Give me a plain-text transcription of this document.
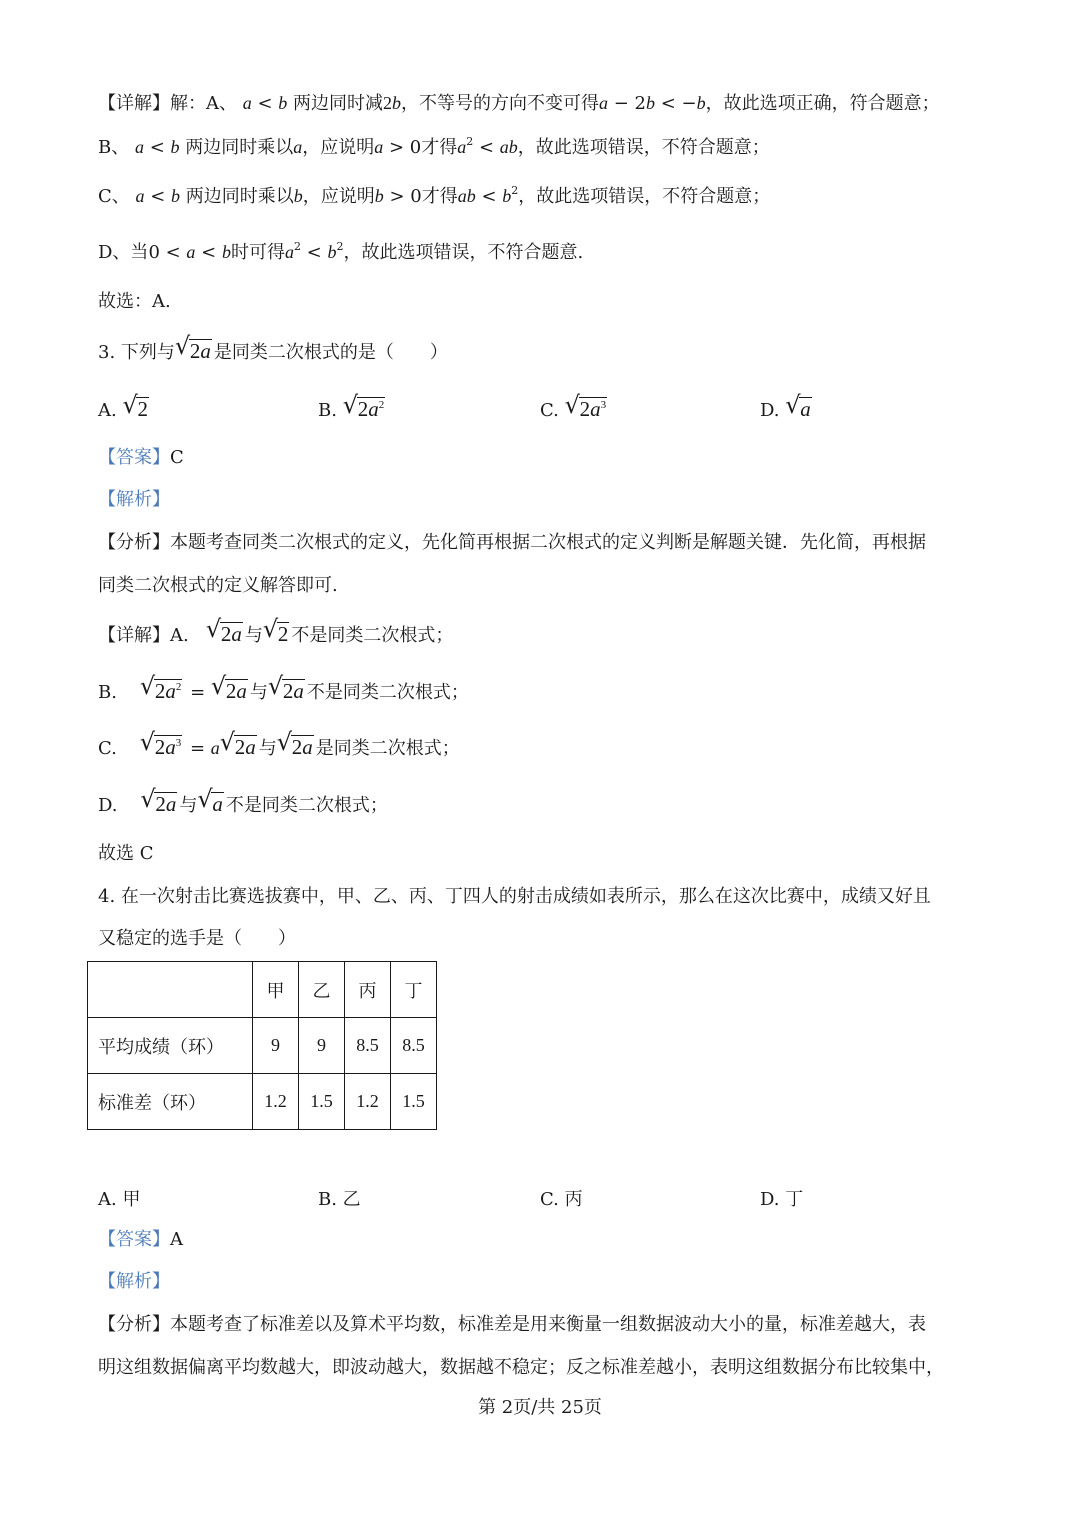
【详解】解：A、 a < b 两边同时减2b，不等号的方向不变可得a − 2b < −b，故此选项正确，符合题意；
B、 a < b 两边同时乘以a，应说明a > 0才得$a^2$ < ab，故此选项错误，不符合题意；
C、 a < b 两边同时乘以b，应说明b > 0才得ab < $b^2$，故此选项错误，不符合题意；
D、当0 < a < b时可得$a^2 < b^2$，故此选项错误，不符合题意.
故选：A.
3. 下列与 √ 2a 是同类二次根式的是（　　）
A. √ 2	B. √ $2a^2$	C. √ $2a^3$	D. √ a
【答案】C
【解析】
【分析】本题考查同类二次根式的定义，先化简再根据二次根式的定义判断是解题关键．先化简，再根据
同类二次根式的定义解答即可.
【详解】A. √ 2a 与 √ 2 不是同类二次根式；
B. √ $2a^2$ = √ 2a 与 √ 2a 不是同类二次根式；
C. √ $2a^3 = a$ √ 2a 与 √ 2a 是同类二次根式；
D. √ 2a 与 √ a 不是同类二次根式；
故选 C
4. 在一次射击比赛选拔赛中，甲、乙、丙、丁四人的射击成绩如表所示，那么在这次比赛中，成绩又好且
又稳定的选手是（　　）
	甲	乙	丙	丁
平均成绩（环）	9	9	8.5	8.5
标准差（环）	1.2	1.5	1.2	1.5
A. 甲	B. 乙	C. 丙	D. 丁
【答案】A
【解析】
【分析】本题考查了标准差以及算术平均数，标准差是用来衡量一组数据波动大小的量，标准差越大，表
明这组数据偏离平均数越大，即波动越大，数据越不稳定；反之标准差越小，表明这组数据分布比较集中，
第 2页/共 25页
